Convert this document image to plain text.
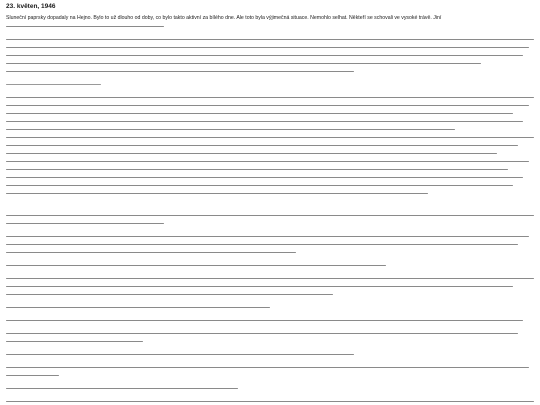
23. květen, 1946
Sluneční paprsky dopadaly na Hejno. Bylo to už dlouho od doby, co bylo takto aktivní za bílého dne. Ale toto byla výjimečná situace. Nemohlo selhat. Někteří se schovali ve vysoké trávě. Jiní
